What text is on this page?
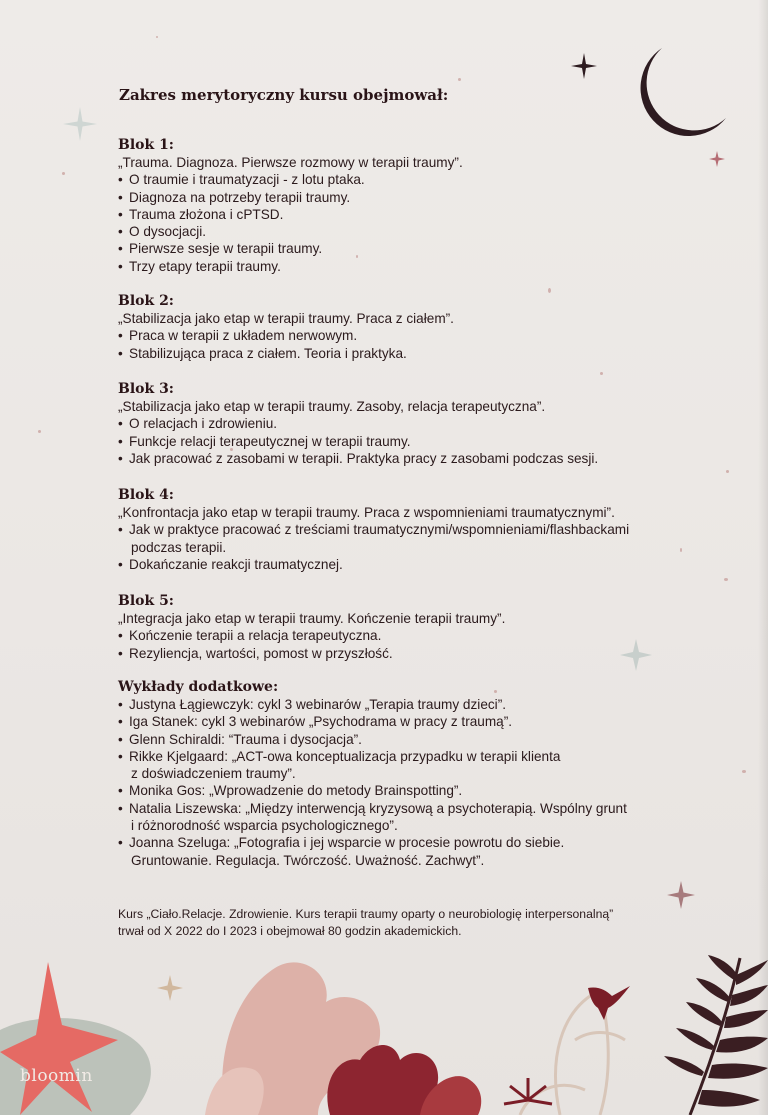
Zakres merytoryczny kursu obejmował:
Blok 1:
„Trauma. Diagnoza. Pierwsze rozmowy w terapii traumy”.
• O traumie i traumatyzacji - z lotu ptaka.
• Diagnoza na potrzeby terapii traumy.
• Trauma złożona i cPTSD.
• O dysocjacji.
• Pierwsze sesje w terapii traumy.
• Trzy etapy terapii traumy.
Blok 2:
„Stabilizacja jako etap w terapii traumy. Praca z ciałem”.
• Praca w terapii z układem nerwowym.
• Stabilizująca praca z ciałem. Teoria i praktyka.
Blok 3:
„Stabilizacja jako etap w terapii traumy. Zasoby, relacja terapeutyczna”.
• O relacjach i zdrowieniu.
• Funkcje relacji terapeutycznej w terapii traumy.
• Jak pracować z zasobami w terapii. Praktyka pracy z zasobami podczas sesji.
Blok 4:
„Konfrontacja jako etap w terapii traumy. Praca z wspomnieniami traumatycznymi”.
• Jak w praktyce pracować z treściami traumatycznymi/wspomnieniami/flashbackami
podczas terapii.
• Dokańczanie reakcji traumatycznej.
Blok 5:
„Integracja jako etap w terapii traumy. Kończenie terapii traumy”.
• Kończenie terapii a relacja terapeutyczna.
• Rezyliencja, wartości, pomost w przyszłość.
Wykłady dodatkowe:
• Justyna Łągiewczyk: cykl 3 webinarów „Terapia traumy dzieci”.
• Iga Stanek: cykl 3 webinarów „Psychodrama w pracy z traumą”.
• Glenn Schiraldi: “Trauma i dysocjacja”.
• Rikke Kjelgaard: „ACT-owa konceptualizacja przypadku w terapii klienta
z doświadczeniem traumy”.
• Monika Gos: „Wprowadzenie do metody Brainspotting”.
• Natalia Liszewska: „Między interwencją kryzysową a psychoterapią. Wspólny grunt
i różnorodność wsparcia psychologicznego”.
• Joanna Szeluga: „Fotografia i jej wsparcie w procesie powrotu do siebie.
Gruntowanie. Regulacja. Twórczość. Uważność. Zachwyt”.
Kurs „Ciało.Relacje. Zdrowienie. Kurs terapii traumy oparty o neurobiologię interpersonalną”
trwał od X 2022 do I 2023 i obejmował 80 godzin akademickich.
bloomin
